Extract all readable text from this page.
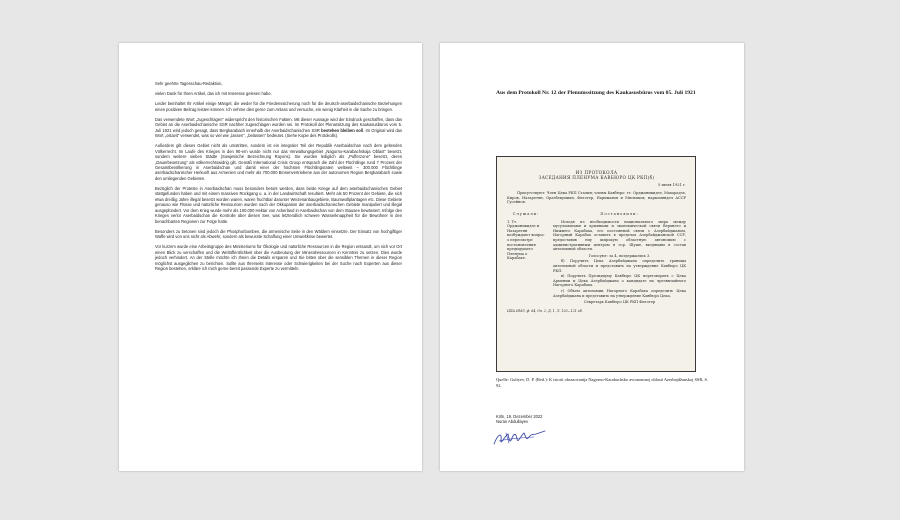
Sehr geehrte Tagesschau-Redaktion,

vielen Dank für Ihren Artikel, das ich mit Interesse gelesen habe.

Leider beinhaltet Ihr Artikel einige Mängel, die weder für die Friedenssicherung noch für die deutsch-aserbaidschanische Beziehungen einen positiven Beitrag leisten können. Ich nehme dies gerne zum Anlass und versuche, ein wenig Klarheit in die Sache zu bringen.

Das verwendete Wort „zugeschlagen“ widerspricht den historischen Fakten. Mit dieser Aussage wird der Eindruck geschaffen, dass das Gebiet an die Aserbaidschanische SSR nachher zugeschlagen worden sei. Im Protokoll der Plenarsitzung des Kaukasusbüros vom 5. Juli 1921 wird jedoch gesagt, dass Bergkarabach innerhalb der Aserbaidschanischen SSR bestehen bleiben soll. Im Original wird das Wort „ostavit“ verwendet, was so viel wie „lassen“, „belassen“ bedeutet. (Siehe Kopie des Protokolls).

Außerdem gilt dieses Gebiet nicht als umstritten, sondern ist ein integraler Teil der Republik Aserbaidschan nach dem geltenden Völkerrecht. Im Laufe des Krieges in den 90-ern wurde nicht nur das Verwaltungsgebiet „Nagorno-Karabachskaja Oblast“ besetzt, sondern weitere sieben Städte (Sowjetische Bezeichnung Rayons). Sie wurden lediglich als „Pufferzone“ besetzt, deren „Dauerbesetzung“ als völkerrechtswidrig gilt. Gemäß International Crisis Group entsprach die Zahl der Flüchtlinge rund 7 Prozent der Gesamtbevölkerung in Aserbaidschan und damit einer der höchsten Flüchtlingsraten weltweit – 300.000 Flüchtlinge aserbaidschanischer Herkunft aus Armenien und mehr als 700.000 Binnenvertriebene aus der autonomen Region Bergkarabach sowie den umliegenden Gebieten.

Bezüglich der Proteste in Aserbaidschan muss besonders betont werden, dass beide Kriege auf dem aserbaidschanischen Gebiet stattgefunden haben und mit einem massiven Rückgang u. a. in der Landwirtschaft resultiert. Mehr als 50 Prozent der Gebiete, die sich etwa dreißig Jahre illegal besetzt worden waren, waren fruchtbar darunter Weizenanbaugebiete, Baumwollplantagen etc. Diese Gebiete genauso wie Flüsse und natürliche Ressourcen wurden nach der Okkupation der aserbaidschanischen Gebiete manipuliert und illegal ausgeplündert. Vor dem Krieg wurde mehr als 100.000 Hektar von Ackerland in Aserbaidschan von dem Stausee bewässert. Infolge des Krieges verlor Aserbaidschan die Kontrolle über diesen See, was letztendlich schwere Wasserknappheit für die Bewohner in den benachbarten Regionen zur Folge hatte.

Besonders zu betonen sind jedoch die Phosphorbomben, die armenische Seite in den Wäldern einsetzte. Der Einsatz von hochgiftiger Waffe wird von uns nicht als Abwehr, sondern als bewusste Schaffung einer Umweltkrise bewertet.

Vor kurzem wurde eine Arbeitsgruppe des Ministeriums für Ökologie und natürliche Ressourcen in die Region entsandt, um sich vor Ort einen Blick zu verschaffen und die Weltöffentlichkeit über die Ausbeutung der Mineralressourcen in Kenntnis zu setzen. Dies wurde jedoch verhindert. An der Stelle möchte ich Ihnen die Details ersparen und Sie bitten über die sensiblen Themen in dieser Region möglichst ausgeglichen zu berichten. Sollte aus Ihrerseits Interesse oder Schwierigkeiten bei der Suche nach Experten aus dieser Region bestehen, erkläre ich mich gerne bereit passende Experte zu vermitteln.

Aus dem Protokoll Nr. 12 der Plenumssitzung des Kaukasusbüros vom 05. Juli 1921
ИЗ ПРОТОКОЛА
ЗАСЕДАНИЯ ПЛЕНУМА КАВБЮРО ЦК РКП(б)
5 июля 1921 г.
Присутствуют: Член Цека РКП Сталин; члены Кавбюро: тт. Орджоникидзе, Махарадзе, Киров, Назаретян, Оразбекумиан, Фиготер, Нариманов и Мясников; наркомвндел АССР Гусейнов.
Слушали:

1. Тт. Орджоникидзе и Назаретян возбуждают вопрос о пересмотре постановления предыдущего Пленума о Карабахе.

Постановили:

Исходя из необходимости национального мира между мусульманами и армянами и экономической связи Верхнего и Нижнего Карабаха, его постоянной связи с Азербайджаном, Нагорный Карабах оставить в пределах Азербайджанской ССР, предоставив ему широкую областную автономию с административным центром в гор. Шуше, входящим в состав автономной области.

Голосуют: за 4, воздержались 3.

б) Поручить Цека Азербайджана определить границы автономной области и представить на утверждение Кавбюро ЦК РКП.

в) Поручить Президиуму Кавбюро ЦК переговорить с Цека Армении и Цека Азербайджана о кандидате на чрезвычайного Нагорного Карабаха.

г) Объем автономии Нагорного Карабаха определить Цека Азербайджана и представить на утверждение Кавбюро Цека.

Секретарь Кавбюро ЦК РКП Фиготер
ЦПА ИМЛ, ф. 64, Оп. 2, Д. 1, Л. 120—121 об.
Quelle: Guliyev, D. P. (Red.): K istorii obrazovanija Nagorno-Karabachsko avtonomnoj oblasti Azerbajdžanskoj SSR, S. 92.
Köln, 19. Dezember 2022
Nuran Abdullayev
